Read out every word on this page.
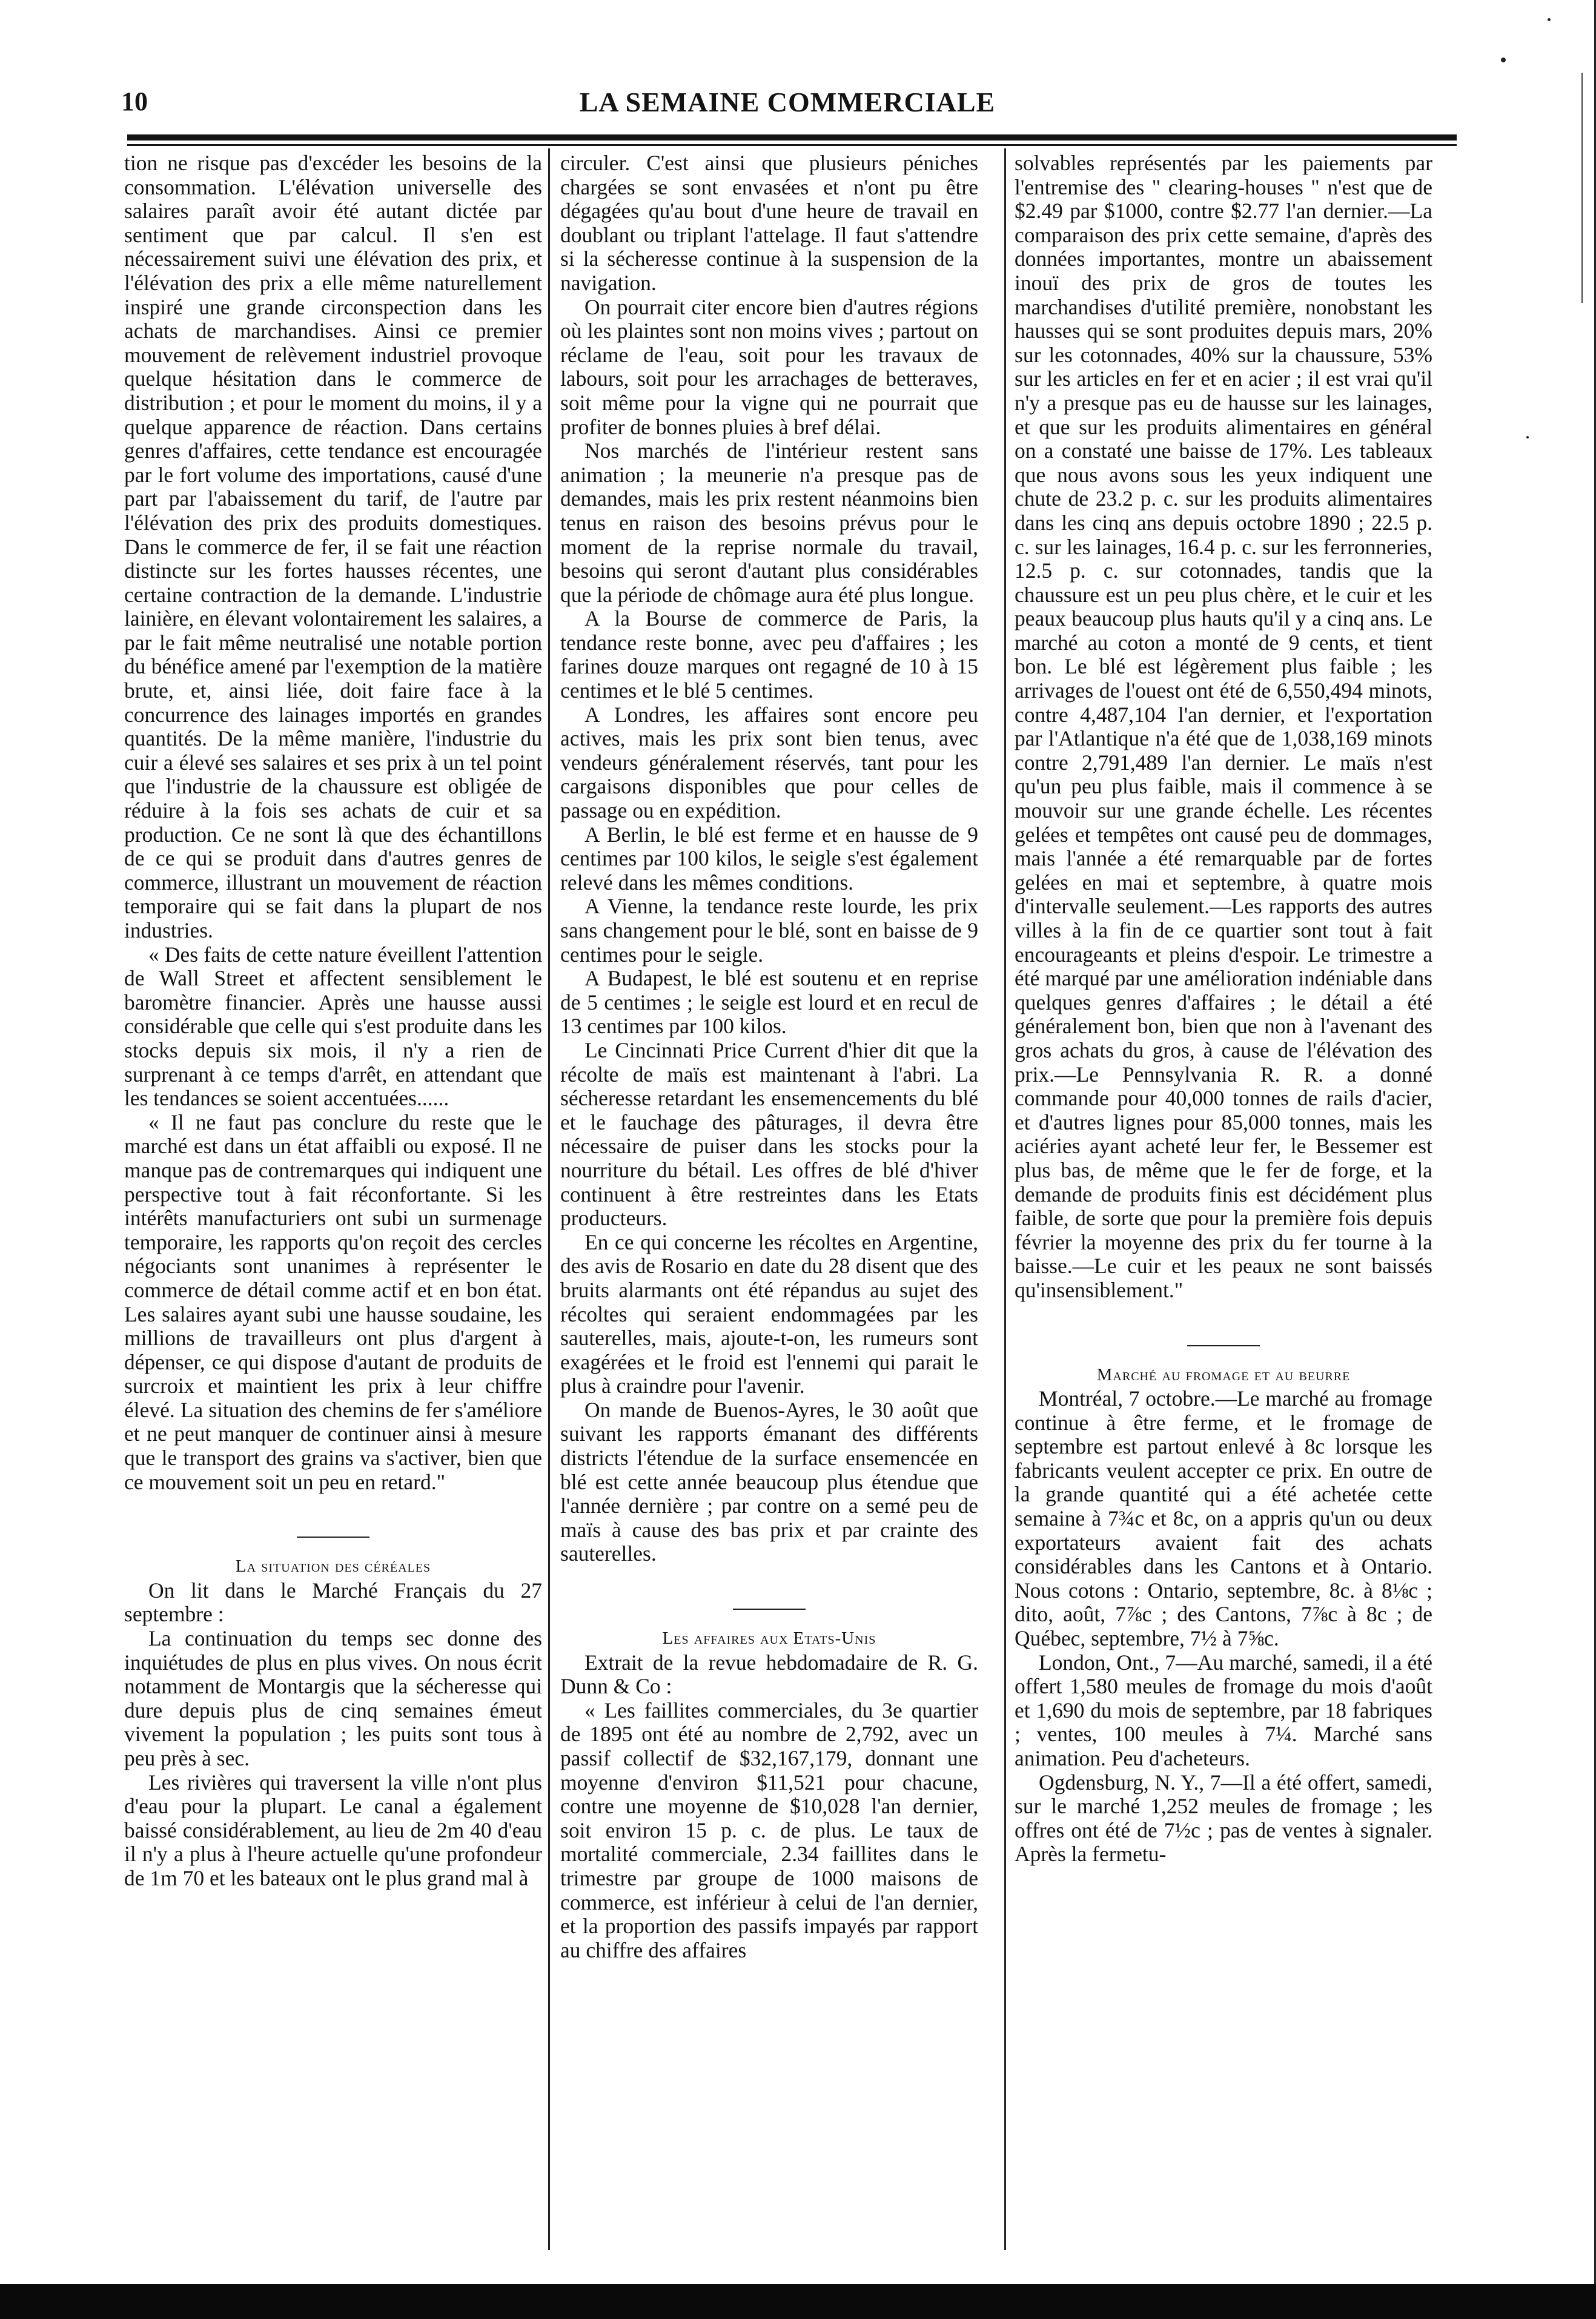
10	LA SEMAINE COMMERCIALE

tion ne risque pas d'excéder les besoins de la consommation. L'élévation universelle des salaires paraît avoir été autant dictée par sentiment que par calcul. Il s'en est nécessairement suivi une élévation des prix, et l'élévation des prix a elle même naturellement inspiré une grande circonspection dans les achats de marchandises. Ainsi ce premier mouvement de relèvement industriel provoque quelque hésitation dans le commerce de distribution ; et pour le moment du moins, il y a quelque apparence de réaction. Dans certains genres d'affaires, cette tendance est encouragée par le fort volume des importations, causé d'une part par l'abaissement du tarif, de l'autre par l'élévation des prix des produits domestiques. Dans le commerce de fer, il se fait une réaction distincte sur les fortes hausses récentes, une certaine contraction de la demande. L'industrie lainière, en élevant volontairement les salaires, a par le fait même neutralisé une notable portion du bénéfice amené par l'exemption de la matière brute, et, ainsi liée, doit faire face à la concurrence des lainages importés en grandes quantités. De la même manière, l'industrie du cuir a élevé ses salaires et ses prix à un tel point que l'industrie de la chaussure est obligée de réduire à la fois ses achats de cuir et sa production. Ce ne sont là que des échantillons de ce qui se produit dans d'autres genres de commerce, illustrant un mouvement de réaction temporaire qui se fait dans la plupart de nos industries.

« Des faits de cette nature éveillent l'attention de Wall Street et affectent sensiblement le baromètre financier. Après une hausse aussi considérable que celle qui s'est produite dans les stocks depuis six mois, il n'y a rien de surprenant à ce temps d'arrêt, en attendant que les tendances se soient accentuées......

« Il ne faut pas conclure du reste que le marché est dans un état affaibli ou exposé. Il ne manque pas de contremarques qui indiquent une perspective tout à fait réconfortante. Si les intérêts manufacturiers ont subi un surmenage temporaire, les rapports qu'on reçoit des cercles négociants sont unanimes à représenter le commerce de détail comme actif et en bon état. Les salaires ayant subi une hausse soudaine, les millions de travailleurs ont plus d'argent à dépenser, ce qui dispose d'autant de produits de surcroix et maintient les prix à leur chiffre élevé. La situation des chemins de fer s'améliore et ne peut manquer de continuer ainsi à mesure que le transport des grains va s'activer, bien que ce mouvement soit un peu en retard."

La situation des céréales

On lit dans le Marché Français du 27 septembre :

La continuation du temps sec donne des inquiétudes de plus en plus vives. On nous écrit notamment de Montargis que la sécheresse qui dure depuis plus de cinq semaines émeut vivement la population ; les puits sont tous à peu près à sec.

Les rivières qui traversent la ville n'ont plus d'eau pour la plupart. Le canal a également baissé considérablement, au lieu de 2m 40 d'eau il n'y a plus à l'heure actuelle qu'une profondeur de 1m 70 et les bateaux ont le plus grand mal à

circuler. C'est ainsi que plusieurs péniches chargées se sont envasées et n'ont pu être dégagées qu'au bout d'une heure de travail en doublant ou triplant l'attelage. Il faut s'attendre si la sécheresse continue à la suspension de la navigation.

On pourrait citer encore bien d'autres régions où les plaintes sont non moins vives ; partout on réclame de l'eau, soit pour les travaux de labours, soit pour les arrachages de betteraves, soit même pour la vigne qui ne pourrait que profiter de bonnes pluies à bref délai.

Nos marchés de l'intérieur restent sans animation ; la meunerie n'a presque pas de demandes, mais les prix restent néanmoins bien tenus en raison des besoins prévus pour le moment de la reprise normale du travail, besoins qui seront d'autant plus considérables que la période de chômage aura été plus longue.

A la Bourse de commerce de Paris, la tendance reste bonne, avec peu d'affaires ; les farines douze marques ont regagné de 10 à 15 centimes et le blé 5 centimes.

A Londres, les affaires sont encore peu actives, mais les prix sont bien tenus, avec vendeurs généralement réservés, tant pour les cargaisons disponibles que pour celles de passage ou en expédition.

A Berlin, le blé est ferme et en hausse de 9 centimes par 100 kilos, le seigle s'est également relevé dans les mêmes conditions.

A Vienne, la tendance reste lourde, les prix sans changement pour le blé, sont en baisse de 9 centimes pour le seigle.

A Budapest, le blé est soutenu et en reprise de 5 centimes ; le seigle est lourd et en recul de 13 centimes par 100 kilos.

Le Cincinnati Price Current d'hier dit que la récolte de maïs est maintenant à l'abri. La sécheresse retardant les ensemencements du blé et le fauchage des pâturages, il devra être nécessaire de puiser dans les stocks pour la nourriture du bétail. Les offres de blé d'hiver continuent à être restreintes dans les Etats producteurs.

En ce qui concerne les récoltes en Argentine, des avis de Rosario en date du 28 disent que des bruits alarmants ont été répandus au sujet des récoltes qui seraient endommagées par les sauterelles, mais, ajoute-t-on, les rumeurs sont exagérées et le froid est l'ennemi qui parait le plus à craindre pour l'avenir.

On mande de Buenos-Ayres, le 30 août que suivant les rapports émanant des différents districts l'étendue de la surface ensemencée en blé est cette année beaucoup plus étendue que l'année dernière ; par contre on a semé peu de maïs à cause des bas prix et par crainte des sauterelles.

Les affaires aux Etats-Unis

Extrait de la revue hebdomadaire de R. G. Dunn & Co :

« Les faillites commerciales, du 3e quartier de 1895 ont été au nombre de 2,792, avec un passif collectif de $32,167,179, donnant une moyenne d'environ $11,521 pour chacune, contre une moyenne de $10,028 l'an dernier, soit environ 15 p. c. de plus. Le taux de mortalité commerciale, 2.34 faillites dans le trimestre par groupe de 1000 maisons de commerce, est inférieur à celui de l'an dernier, et la proportion des passifs impayés par rapport au chiffre des affaires

solvables représentés par les paiements par l'entremise des " clearing-houses " n'est que de $2.49 par $1000, contre $2.77 l'an dernier.—La comparaison des prix cette semaine, d'après des données importantes, montre un abaissement inouï des prix de gros de toutes les marchandises d'utilité première, nonobstant les hausses qui se sont produites depuis mars, 20% sur les cotonnades, 40% sur la chaussure, 53% sur les articles en fer et en acier ; il est vrai qu'il n'y a presque pas eu de hausse sur les lainages, et que sur les produits alimentaires en général on a constaté une baisse de 17%. Les tableaux que nous avons sous les yeux indiquent une chute de 23.2 p. c. sur les produits alimentaires dans les cinq ans depuis octobre 1890 ; 22.5 p. c. sur les lainages, 16.4 p. c. sur les ferronneries, 12.5 p. c. sur cotonnades, tandis que la chaussure est un peu plus chère, et le cuir et les peaux beaucoup plus hauts qu'il y a cinq ans. Le marché au coton a monté de 9 cents, et tient bon. Le blé est légèrement plus faible ; les arrivages de l'ouest ont été de 6,550,494 minots, contre 4,487,104 l'an dernier, et l'exportation par l'Atlantique n'a été que de 1,038,169 minots contre 2,791,489 l'an dernier. Le maïs n'est qu'un peu plus faible, mais il commence à se mouvoir sur une grande échelle. Les récentes gelées et tempêtes ont causé peu de dommages, mais l'année a été remarquable par de fortes gelées en mai et septembre, à quatre mois d'intervalle seulement.—Les rapports des autres villes à la fin de ce quartier sont tout à fait encourageants et pleins d'espoir. Le trimestre a été marqué par une amélioration indéniable dans quelques genres d'affaires ; le détail a été généralement bon, bien que non à l'avenant des gros achats du gros, à cause de l'élévation des prix.—Le Pennsylvania R. R. a donné commande pour 40,000 tonnes de rails d'acier, et d'autres lignes pour 85,000 tonnes, mais les aciéries ayant acheté leur fer, le Bessemer est plus bas, de même que le fer de forge, et la demande de produits finis est décidément plus faible, de sorte que pour la première fois depuis février la moyenne des prix du fer tourne à la baisse.—Le cuir et les peaux ne sont baissés qu'insensiblement."

Marché au fromage et au beurre

Montréal, 7 octobre.—Le marché au fromage continue à être ferme, et le fromage de septembre est partout enlevé à 8c lorsque les fabricants veulent accepter ce prix. En outre de la grande quantité qui a été achetée cette semaine à 7¾c et 8c, on a appris qu'un ou deux exportateurs avaient fait des achats considérables dans les Cantons et à Ontario. Nous cotons : Ontario, septembre, 8c. à 8⅛c ; dito, août, 7⅞c ; des Cantons, 7⅞c à 8c ; de Québec, septembre, 7½ à 7⅝c.

London, Ont., 7—Au marché, samedi, il a été offert 1,580 meules de fromage du mois d'août et 1,690 du mois de septembre, par 18 fabriques ; ventes, 100 meules à 7¼. Marché sans animation. Peu d'acheteurs.

Ogdensburg, N. Y., 7—Il a été offert, samedi, sur le marché 1,252 meules de fromage ; les offres ont été de 7½c ; pas de ventes à signaler. Après la fermetu-
